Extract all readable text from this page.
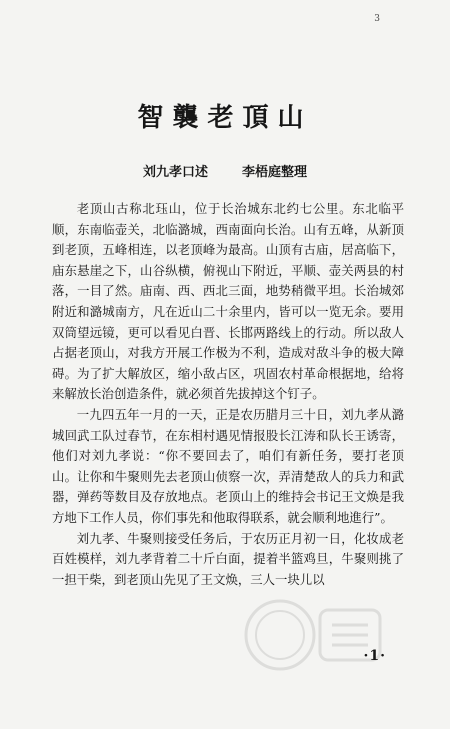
3
智襲老頂山
刘九孝口述	李梧庭整理

老顶山古称北珏山，位于长治城东北约七公里。东北临平顺，东南临壶关，北临潞城，西南面向长治。山有五峰，从新顶到老顶，五峰相连，以老顶峰为最高。山顶有古庙，居高临下，庙东悬崖之下，山谷纵横，俯视山下附近，平顺、壶关两县的村落，一目了然。庙南、西、西北三面，地势稍微平坦。长治城郊附近和潞城南方，凡在近山二十余里内，皆可以一览无余。要用双筒望远镜，更可以看见白晋、长邯两路线上的行动。所以敌人占据老顶山，对我方开展工作极为不利，造成对敌斗争的极大障碍。为了扩大解放区，缩小敌占区，巩固农村革命根据地，给将来解放长治创造条件，就必须首先拔掉这个钉子。

一九四五年一月的一天，正是农历腊月三十日，刘九孝从潞城回武工队过春节，在东相村遇见情报股长江涛和队长王诱寄，他们对刘九孝说：“你不要回去了，咱们有新任务，要打老顶山。让你和牛聚则先去老顶山侦察一次，弄清楚敌人的兵力和武器，弹药等数目及存放地点。老顶山上的维持会书记王文焕是我方地下工作人员，你们事先和他取得联系，就会顺利地進行”。

刘九孝、牛聚则接受任务后，于农历正月初一日，化妆成老百姓模样，刘九孝背着二十斤白面，提着半篮鸡旦，牛聚则挑了一担干柴，到老顶山先见了王文焕，三人一块儿以

·1·
